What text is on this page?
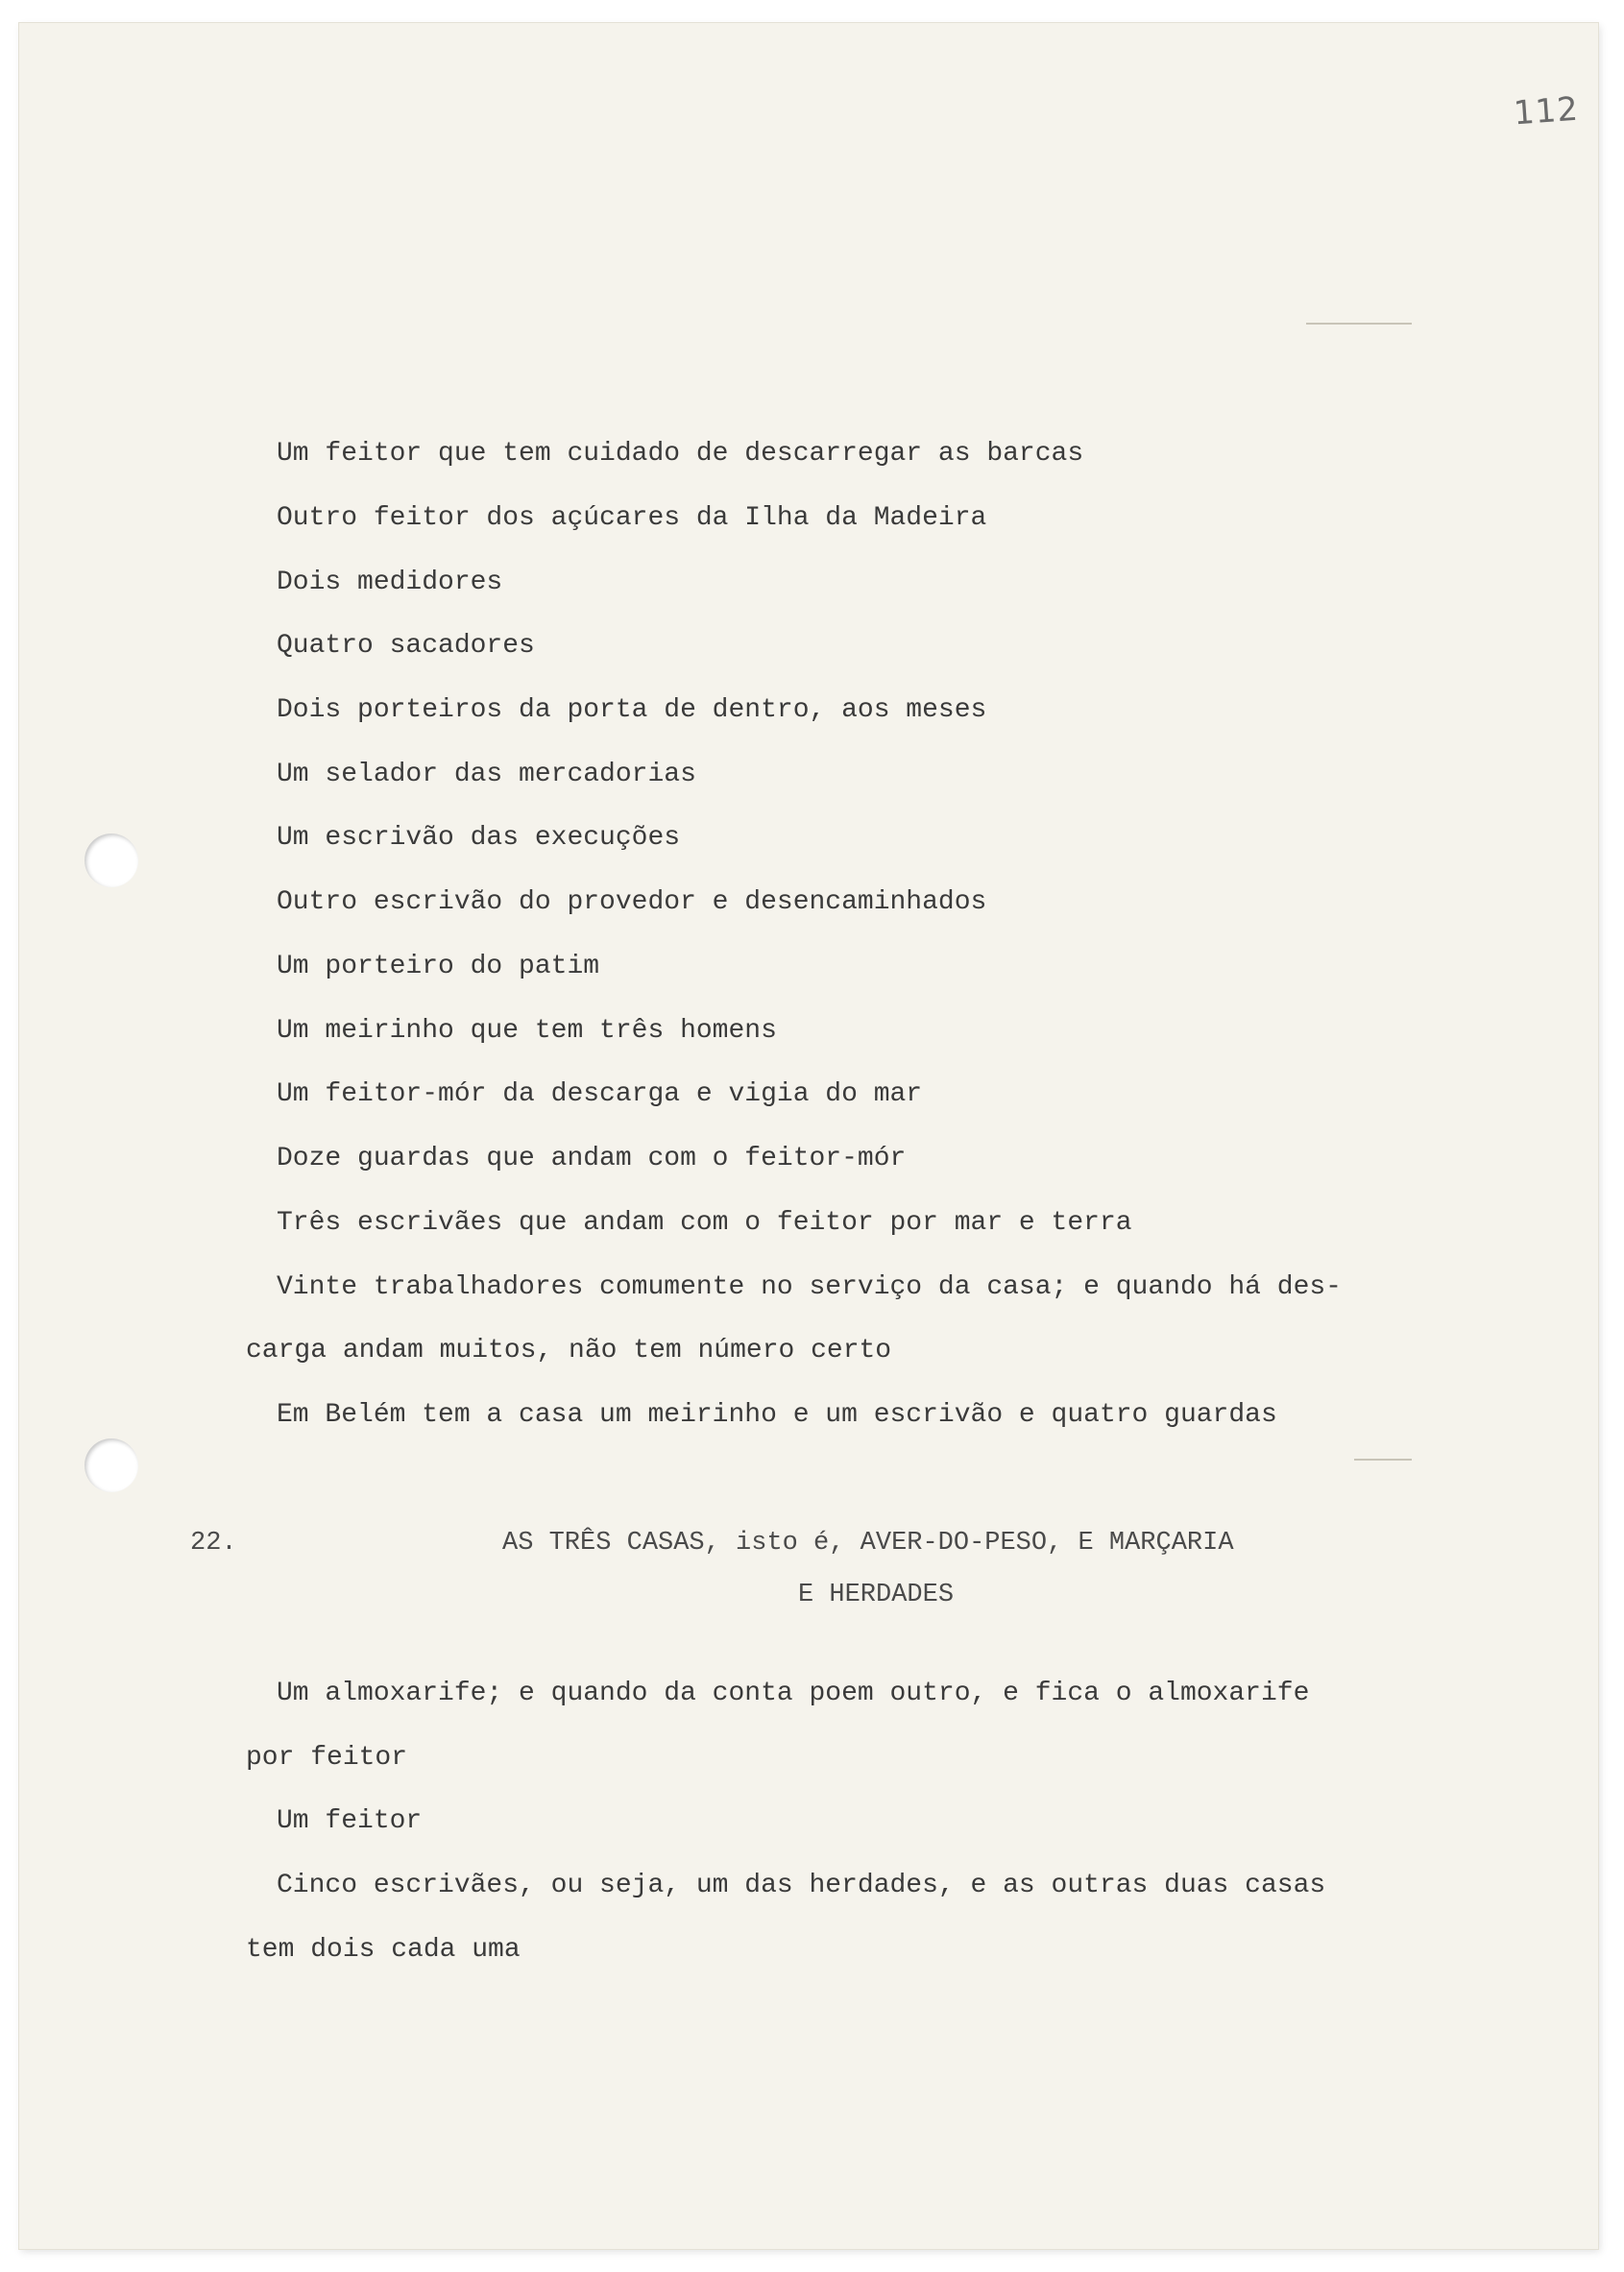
112
Um feitor que tem cuidado de descarregar as barcas
Outro feitor dos açúcares da Ilha da Madeira
Dois medidores
Quatro sacadores
Dois porteiros da porta de dentro, aos meses
Um selador das mercadorias
Um escrivão das execuções
Outro escrivão do provedor e desencaminhados
Um porteiro do patim
Um meirinho que tem três homens
Um feitor-mór da descarga e vigia do mar
Doze guardas que andam com o feitor-mór
Três escrivães que andam com o feitor por mar e terra
Vinte trabalhadores comumente no serviço da casa; e quando há des-
carga andam muitos, não tem número certo
Em Belém tem a casa um meirinho e um escrivão e quatro guardas
22.	AS TRÊS CASAS, isto é, AVER-DO-PESO, E MARÇARIA
E HERDADES
Um almoxarife; e quando da conta poem outro, e fica o almoxarife
por feitor
Um feitor
Cinco escrivães, ou seja, um das herdades, e as outras duas casas
tem dois cada uma
